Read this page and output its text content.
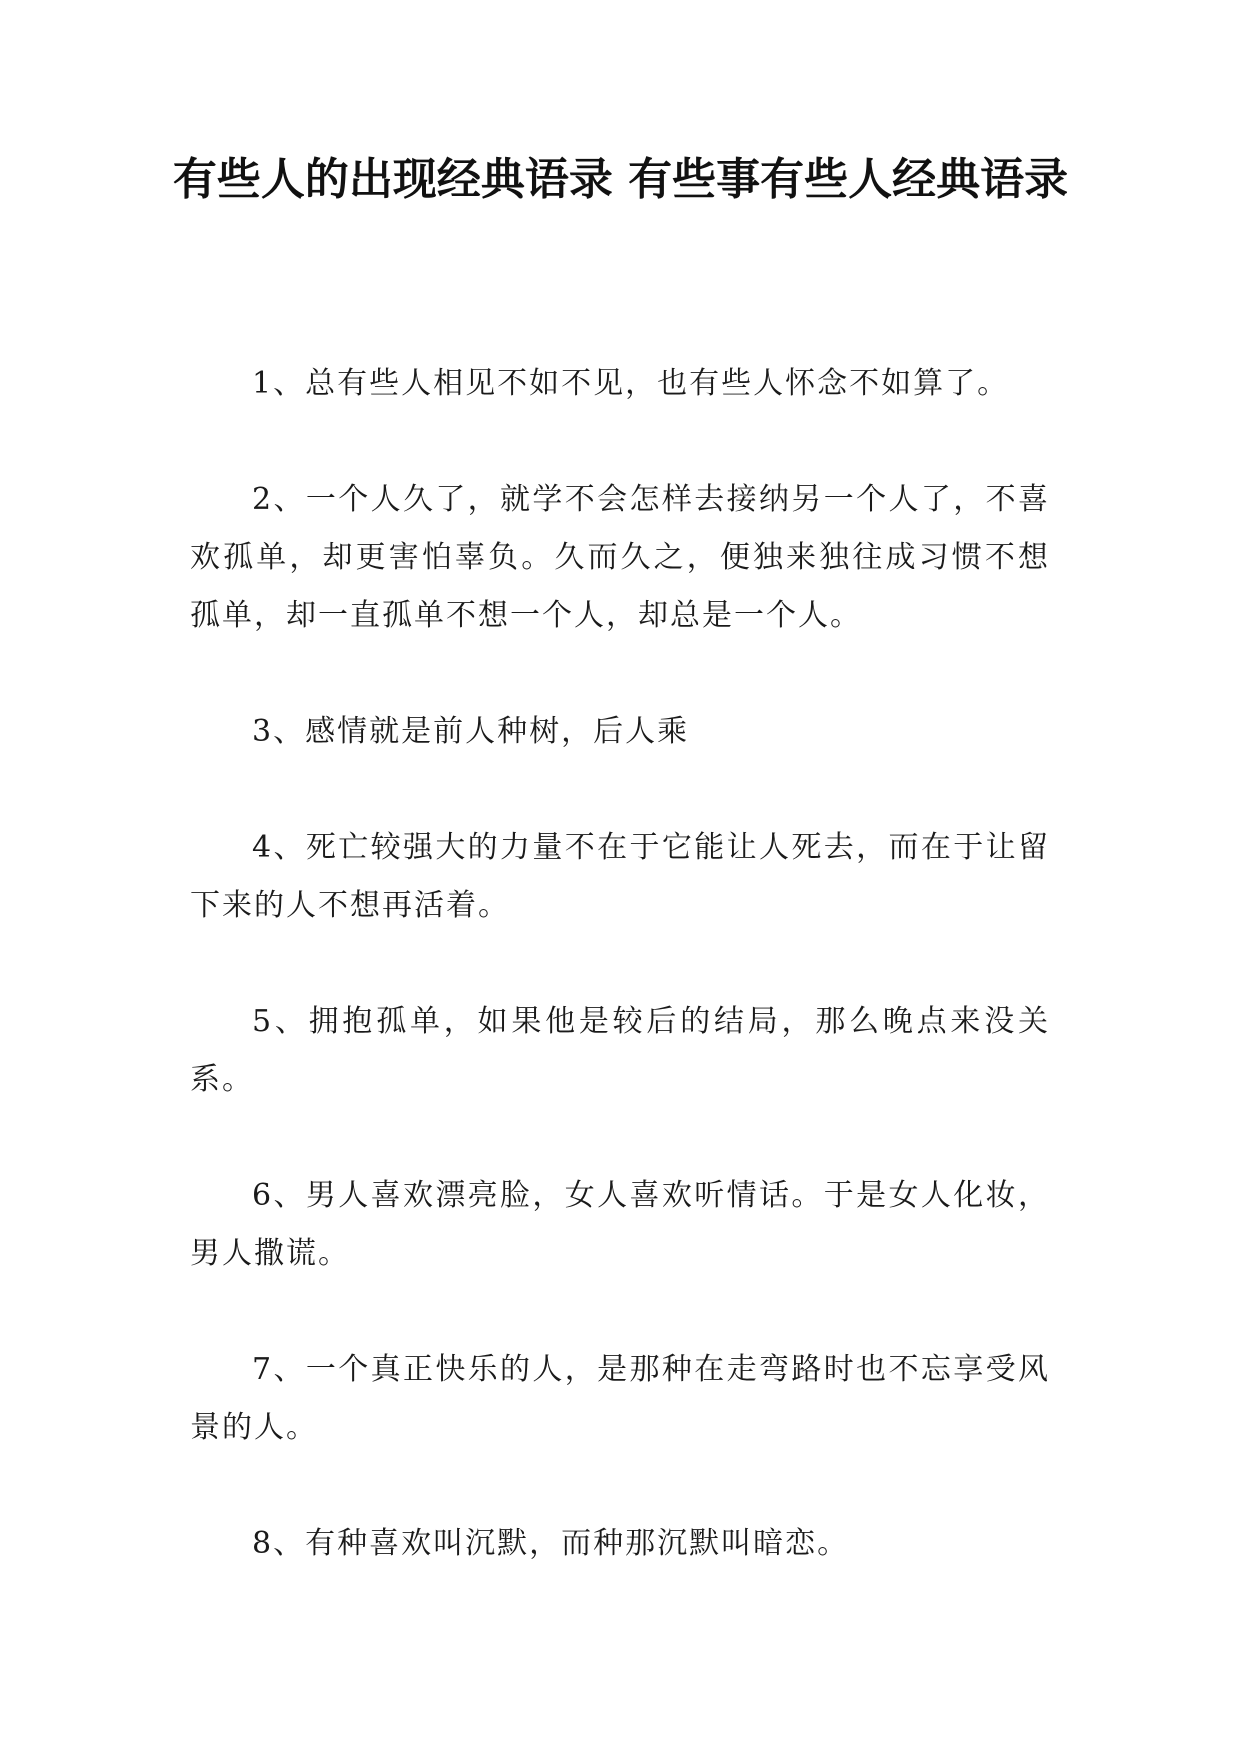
有些人的出现经典语录 有些事有些人经典语录

1、总有些人相见不如不见，也有些人怀念不如算了。

2、一个人久了，就学不会怎样去接纳另一个人了，不喜欢孤单，却更害怕辜负。久而久之，便独来独往成习惯不想孤单，却一直孤单不想一个人，却总是一个人。

3、感情就是前人种树，后人乘

4、死亡较强大的力量不在于它能让人死去，而在于让留下来的人不想再活着。

5、拥抱孤单，如果他是较后的结局，那么晚点来没关系。

6、男人喜欢漂亮脸，女人喜欢听情话。于是女人化妆，男人撒谎。

7、一个真正快乐的人，是那种在走弯路时也不忘享受风景的人。

8、有种喜欢叫沉默，而种那沉默叫暗恋。
